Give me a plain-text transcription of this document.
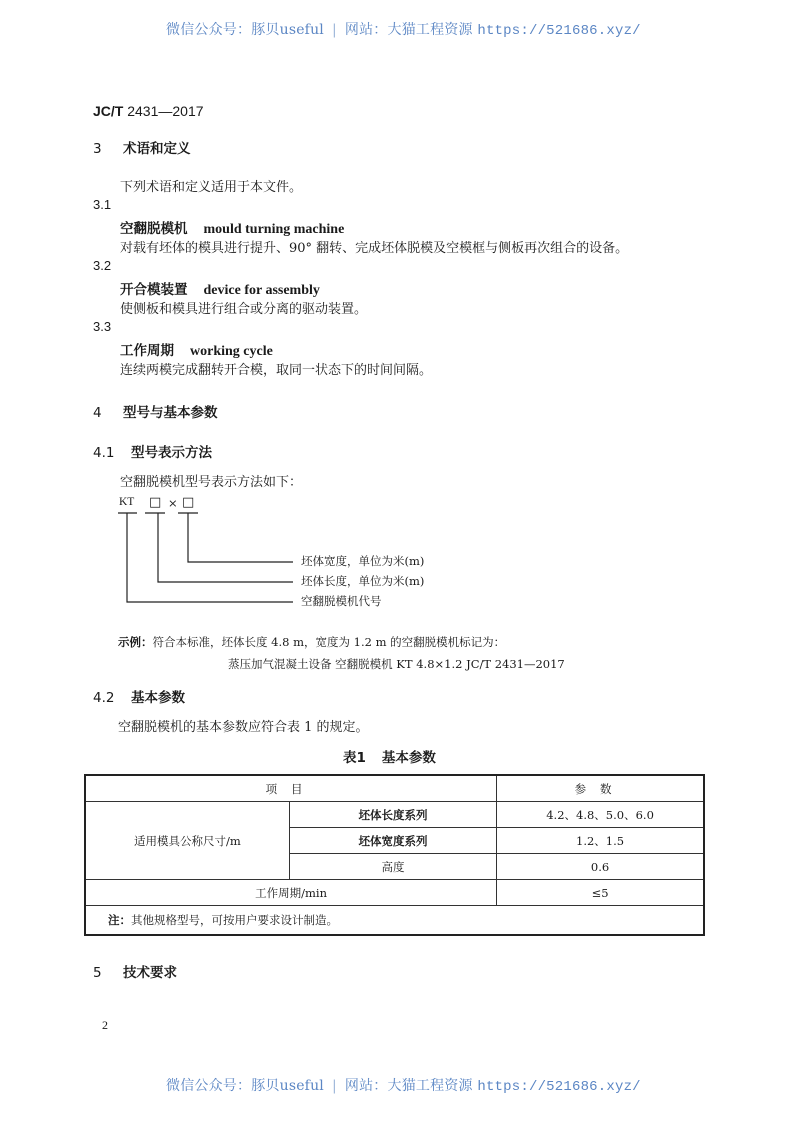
微信公众号：豚贝useful | 网站：大猫工程资源 https://521686.xyz/
JC/T 2431—2017
3 术语和定义
下列术语和定义适用于本文件。
3.1
空翻脱模机 mould turning machine
对载有坯体的模具进行提升、90° 翻转、完成坯体脱模及空模框与侧板再次组合的设备。
3.2
开合模装置 device for assembly
使侧板和模具进行组合或分离的驱动装置。
3.3
工作周期 working cycle
连续两模完成翻转开合模，取同一状态下的时间间隔。
4 型号与基本参数
4.1 型号表示方法
空翻脱模机型号表示方法如下：
KT □ × □
坯体宽度，单位为米(m)
坯体长度，单位为米(m)
空翻脱模机代号
示例：符合本标准，坯体长度 4.8 m，宽度为 1.2 m 的空翻脱模机标记为：
蒸压加气混凝土设备 空翻脱模机 KT 4.8×1.2 JC/T 2431—2017
4.2 基本参数
空翻脱模机的基本参数应符合表 1 的规定。
表1 基本参数
项目		参数
适用模具公称尺寸/m	坯体长度系列	4.2、4.8、5.0、6.0
	坯体宽度系列	1.2、1.5
	高度	0.6
工作周期/min		≤5
注：其他规格型号，可按用户要求设计制造。		
5 技术要求
2
微信公众号：豚贝useful | 网站：大猫工程资源 https://521686.xyz/
